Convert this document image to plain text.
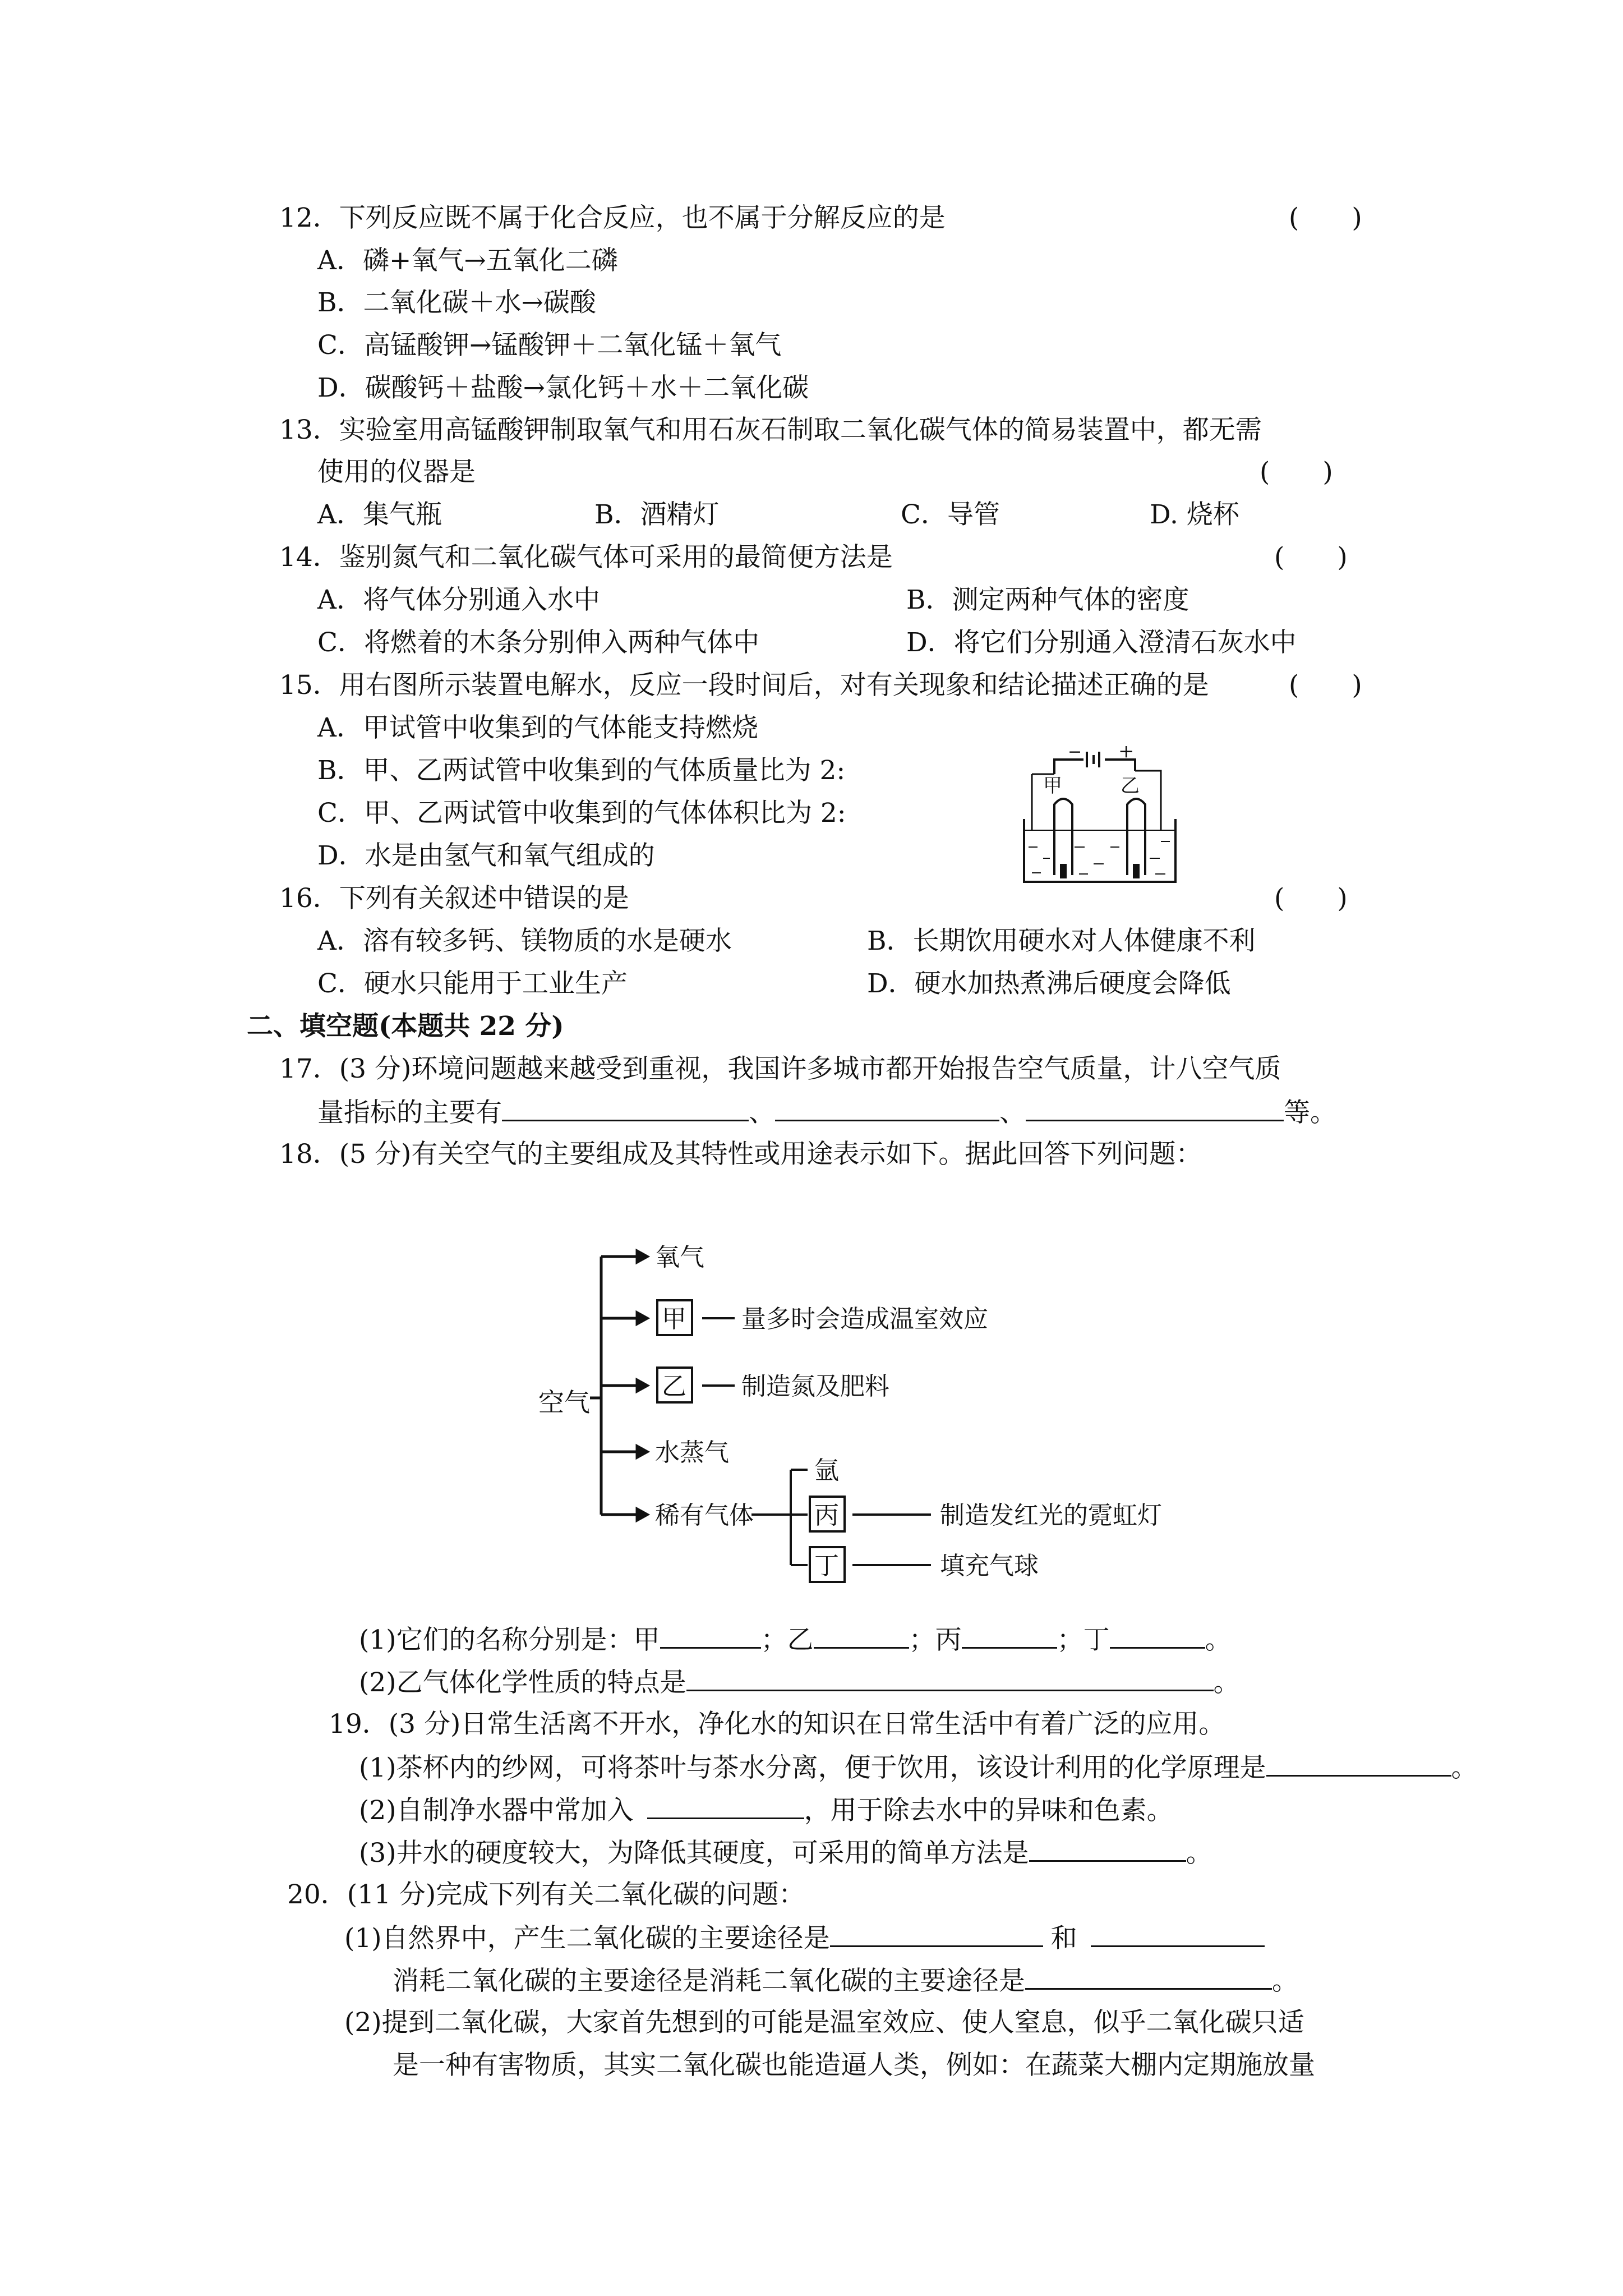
12．下列反应既不属于化合反应，也不属于分解反应的是	(　　)
A．磷+氧气→五氧化二磷
B．二氧化碳＋水→碳酸
C．高锰酸钾→锰酸钾＋二氧化锰＋氧气
D．碳酸钙＋盐酸→氯化钙＋水＋二氧化碳
13．实验室用高锰酸钾制取氧气和用石灰石制取二氧化碳气体的简易装置中，都无需
使用的仪器是	(　　)
A．集气瓶	B．酒精灯	C．导管	D. 烧杯
14．鉴别氮气和二氧化碳气体可采用的最简便方法是	(　　)
A．将气体分别通入水中	B．测定两种气体的密度
C．将燃着的木条分别伸入两种气体中	D．将它们分别通入澄清石灰水中
15．用右图所示装置电解水，反应一段时间后，对有关现象和结论描述正确的是	(　　)
A．甲试管中收集到的气体能支持燃烧
B．甲、乙两试管中收集到的气体质量比为 2:
C．甲、乙两试管中收集到的气体体积比为 2:
D．水是由氢气和氧气组成的
− +
甲	乙
16．下列有关叙述中错误的是	(　　)
A．溶有较多钙、镁物质的水是硬水	B．长期饮用硬水对人体健康不利
C．硬水只能用于工业生产	D．硬水加热煮沸后硬度会降低
二、填空题(本题共 22 分)
17．(3 分)环境问题越来越受到重视，我国许多城市都开始报告空气质量，计八空气质
量指标的主要有	、	、	等。
18．(5 分)有关空气的主要组成及其特性或用途表示如下。据此回答下列问题：
空气
氧气
甲 量多时会造成温室效应
乙 制造氮及肥料
水蒸气
稀有气体
氩
丙	制造发红光的霓虹灯
丁	填充气球
(1)它们的名称分别是：甲	；乙	；丙	；丁	。
(2)乙气体化学性质的特点是	。
19．(3 分)日常生活离不开水，净化水的知识在日常生活中有着广泛的应用。
(1)茶杯内的纱网，可将茶叶与茶水分离，便于饮用，该设计利用的化学原理是	。
(2)自制净水器中常加入	，用于除去水中的异味和色素。
(3)井水的硬度较大，为降低其硬度，可采用的简单方法是	。
20．(11 分)完成下列有关二氧化碳的问题：
(1)自然界中，产生二氧化碳的主要途径是	和
消耗二氧化碳的主要途径是消耗二氧化碳的主要途径是	。
(2)提到二氧化碳，大家首先想到的可能是温室效应、使人窒息，似乎二氧化碳只适
是一种有害物质，其实二氧化碳也能造逼人类，例如：在蔬菜大棚内定期施放量
